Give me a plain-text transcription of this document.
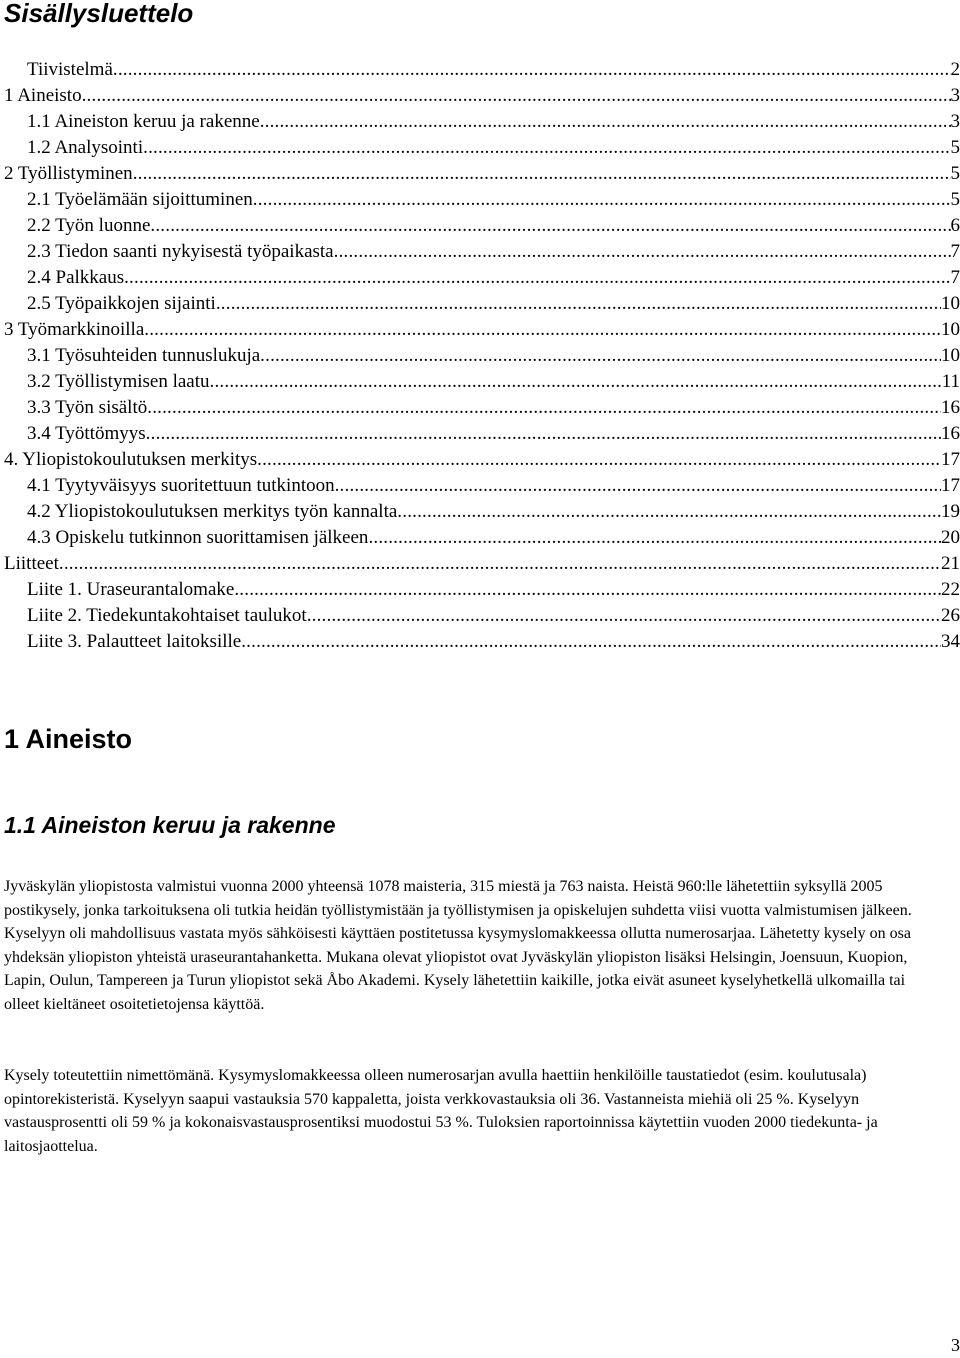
Sisällysluettelo
Tiivistelmä .....	2
1 Aineisto .....	3
1.1 Aineiston keruu ja rakenne .....	3
1.2 Analysointi .....	5
2 Työllistyminen .....	5
2.1 Työelämään sijoittuminen .....	5
2.2 Työn luonne .....	6
2.3 Tiedon saanti nykyisestä työpaikasta .....	7
2.4 Palkkaus .....	7
2.5 Työpaikkojen sijainti .....	10
3 Työmarkkinoilla .....	10
3.1 Työsuhteiden tunnuslukuja .....	10
3.2 Työllistymisen laatu .....	11
3.3 Työn sisältö .....	16
3.4 Työttömyys .....	16
4. Yliopistokoulutuksen merkitys .....	17
4.1 Tyytyväisyys suoritettuun tutkintoon .....	17
4.2 Yliopistokoulutuksen merkitys työn kannalta .....	19
4.3 Opiskelu tutkinnon suorittamisen jälkeen .....	20
Liitteet .....	21
Liite 1. Uraseurantalomake .....	22
Liite 2. Tiedekuntakohtaiset taulukot .....	26
Liite 3. Palautteet laitoksille .....	34
1 Aineisto
1.1 Aineiston keruu ja rakenne

Jyväskylän yliopistosta valmistui vuonna 2000 yhteensä 1078 maisteria, 315 miestä ja 763 naista. Heistä 960:lle lähetettiin syksyllä 2005 postikysely, jonka tarkoituksena oli tutkia heidän työllistymistään ja työllistymisen ja opiskelujen suhdetta viisi vuotta valmistumisen jälkeen. Kyselyyn oli mahdollisuus vastata myös sähköisesti käyttäen postitetussa kysymyslomakkeessa ollutta numerosarjaa. Lähetetty kysely on osa yhdeksän yliopiston yhteistä uraseurantahanketta. Mukana olevat yliopistot ovat Jyväskylän yliopiston lisäksi Helsingin, Joensuun, Kuopion, Lapin, Oulun, Tampereen ja Turun yliopistot sekä Åbo Akademi. Kysely lähetettiin kaikille, jotka eivät asuneet kyselyhetkellä ulkomailla tai olleet kieltäneet osoitetietojensa käyttöä.

Kysely toteutettiin nimettömänä. Kysymyslomakkeessa olleen numerosarjan avulla haettiin henkilöille taustatiedot (esim. koulutusala) opintorekisteristä. Kyselyyn saapui vastauksia 570 kappaletta, joista verkkovastauksia oli 36. Vastanneista miehiä oli 25 %. Kyselyyn vastausprosentti oli 59 % ja kokonaisvastausprosentiksi muodostui 53 %. Tuloksien raportoinnissa käytettiin vuoden 2000 tiedekunta- ja laitosjaottelua.

3
